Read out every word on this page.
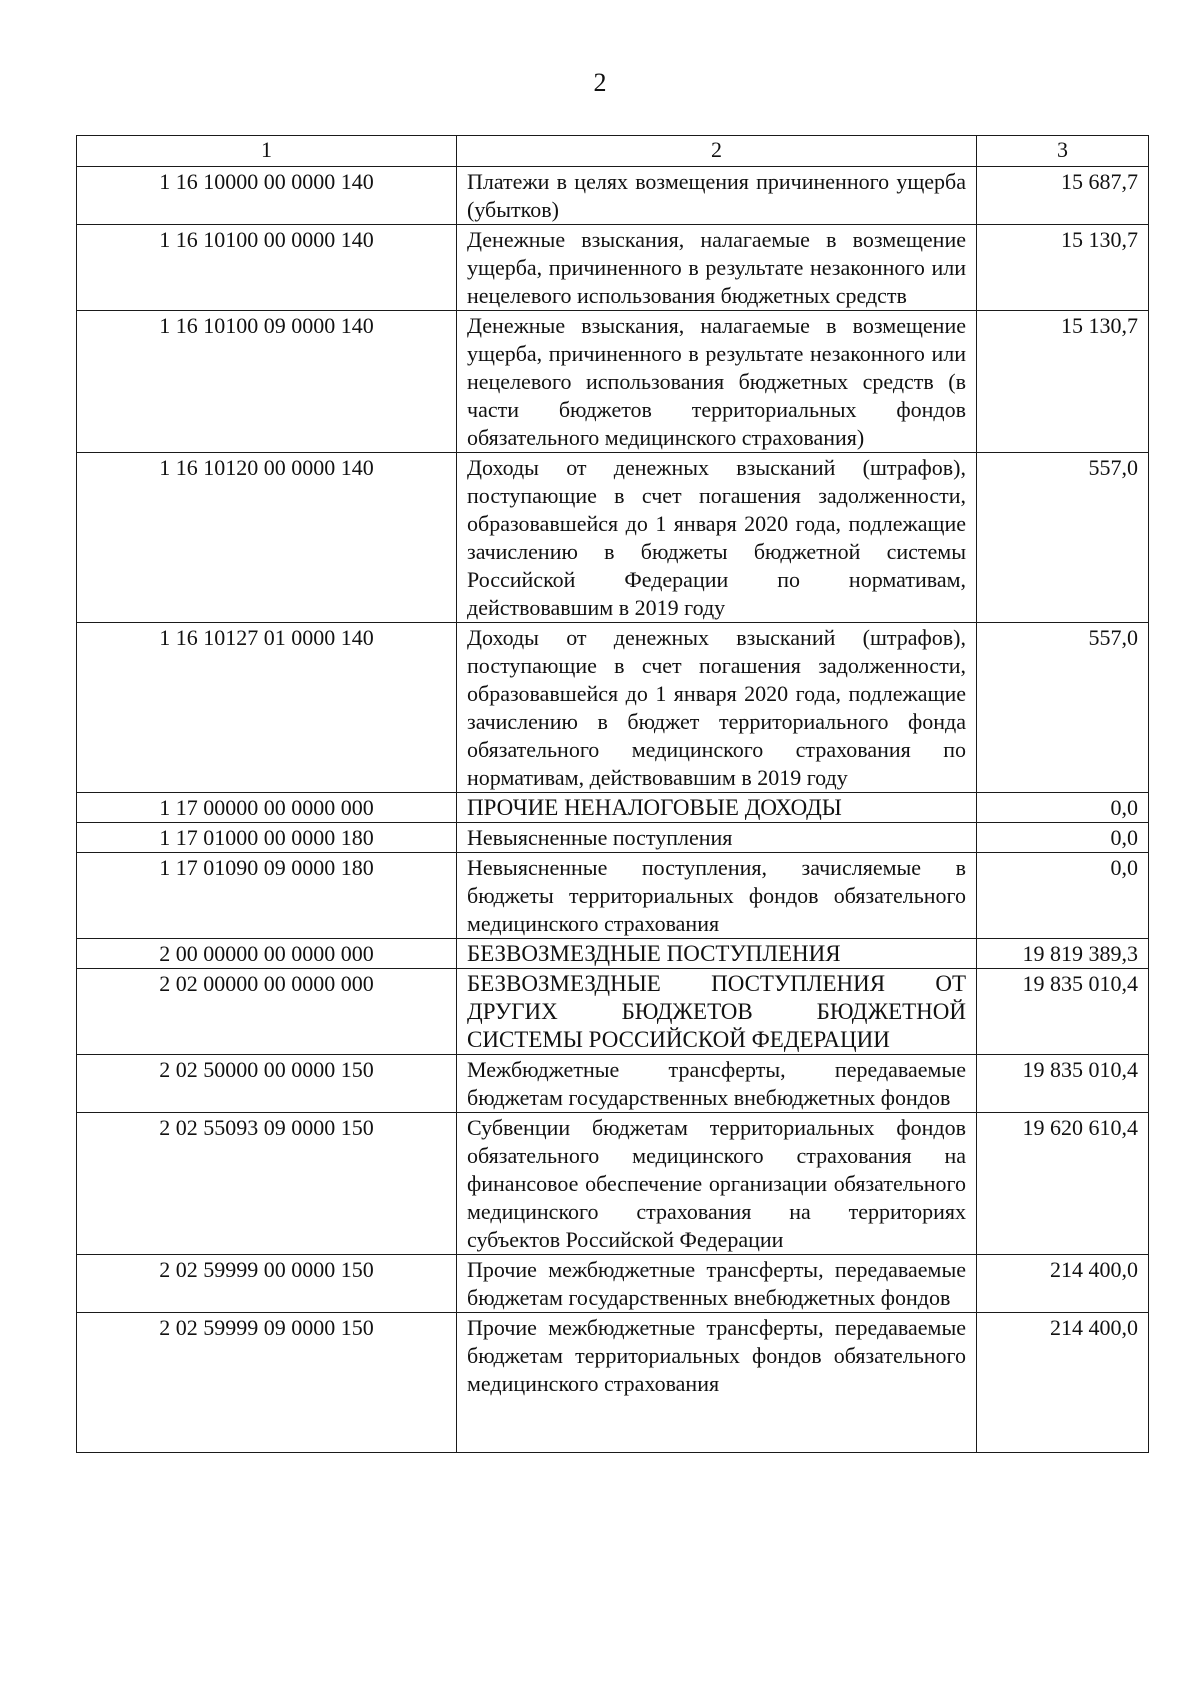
2
1	2	3
1 16 10000 00 0000 140	Платежи в целях возмещения причиненного ущерба (убытков)	15 687,7
1 16 10100 00 0000 140	Денежные взыскания, налагаемые в возмещение ущерба, причиненного в результате незаконного или нецелевого использования бюджетных средств	15 130,7
1 16 10100 09 0000 140	Денежные взыскания, налагаемые в возмещение ущерба, причиненного в результате незаконного или нецелевого использования бюджетных средств (в части бюджетов территориальных фондов обязательного медицинского страхования)	15 130,7
1 16 10120 00 0000 140	Доходы от денежных взысканий (штрафов), поступающие в счет погашения задолженности, образовавшейся до 1 января 2020 года, подлежащие зачислению в бюджеты бюджетной системы Российской Федерации по нормативам, действовавшим в 2019 году	557,0
1 16 10127 01 0000 140	Доходы от денежных взысканий (штрафов), поступающие в счет погашения задолженности, образовавшейся до 1 января 2020 года, подлежащие зачислению в бюджет территориального фонда обязательного медицинского страхования по нормативам, действовавшим в 2019 году	557,0
1 17 00000 00 0000 000	ПРОЧИЕ НЕНАЛОГОВЫЕ ДОХОДЫ	0,0
1 17 01000 00 0000 180	Невыясненные поступления	0,0
1 17 01090 09 0000 180	Невыясненные поступления, зачисляемые в бюджеты территориальных фондов обязательного медицинского страхования	0,0
2 00 00000 00 0000 000	БЕЗВОЗМЕЗДНЫЕ ПОСТУПЛЕНИЯ	19 819 389,3
2 02 00000 00 0000 000	БЕЗВОЗМЕЗДНЫЕ ПОСТУПЛЕНИЯ ОТ ДРУГИХ БЮДЖЕТОВ БЮДЖЕТНОЙ СИСТЕМЫ РОССИЙСКОЙ ФЕДЕРАЦИИ	19 835 010,4
2 02 50000 00 0000 150	Межбюджетные трансферты, передаваемые бюджетам государственных внебюджетных фондов	19 835 010,4
2 02 55093 09 0000 150	Субвенции бюджетам территориальных фондов обязательного медицинского страхования на финансовое обеспечение организации обязательного медицинского страхования на территориях субъектов Российской Федерации	19 620 610,4
2 02 59999 00 0000 150	Прочие межбюджетные трансферты, передаваемые бюджетам государственных внебюджетных фондов	214 400,0
2 02 59999 09 0000 150	Прочие межбюджетные трансферты, передаваемые бюджетам территориальных фондов обязательного медицинского страхования	214 400,0
